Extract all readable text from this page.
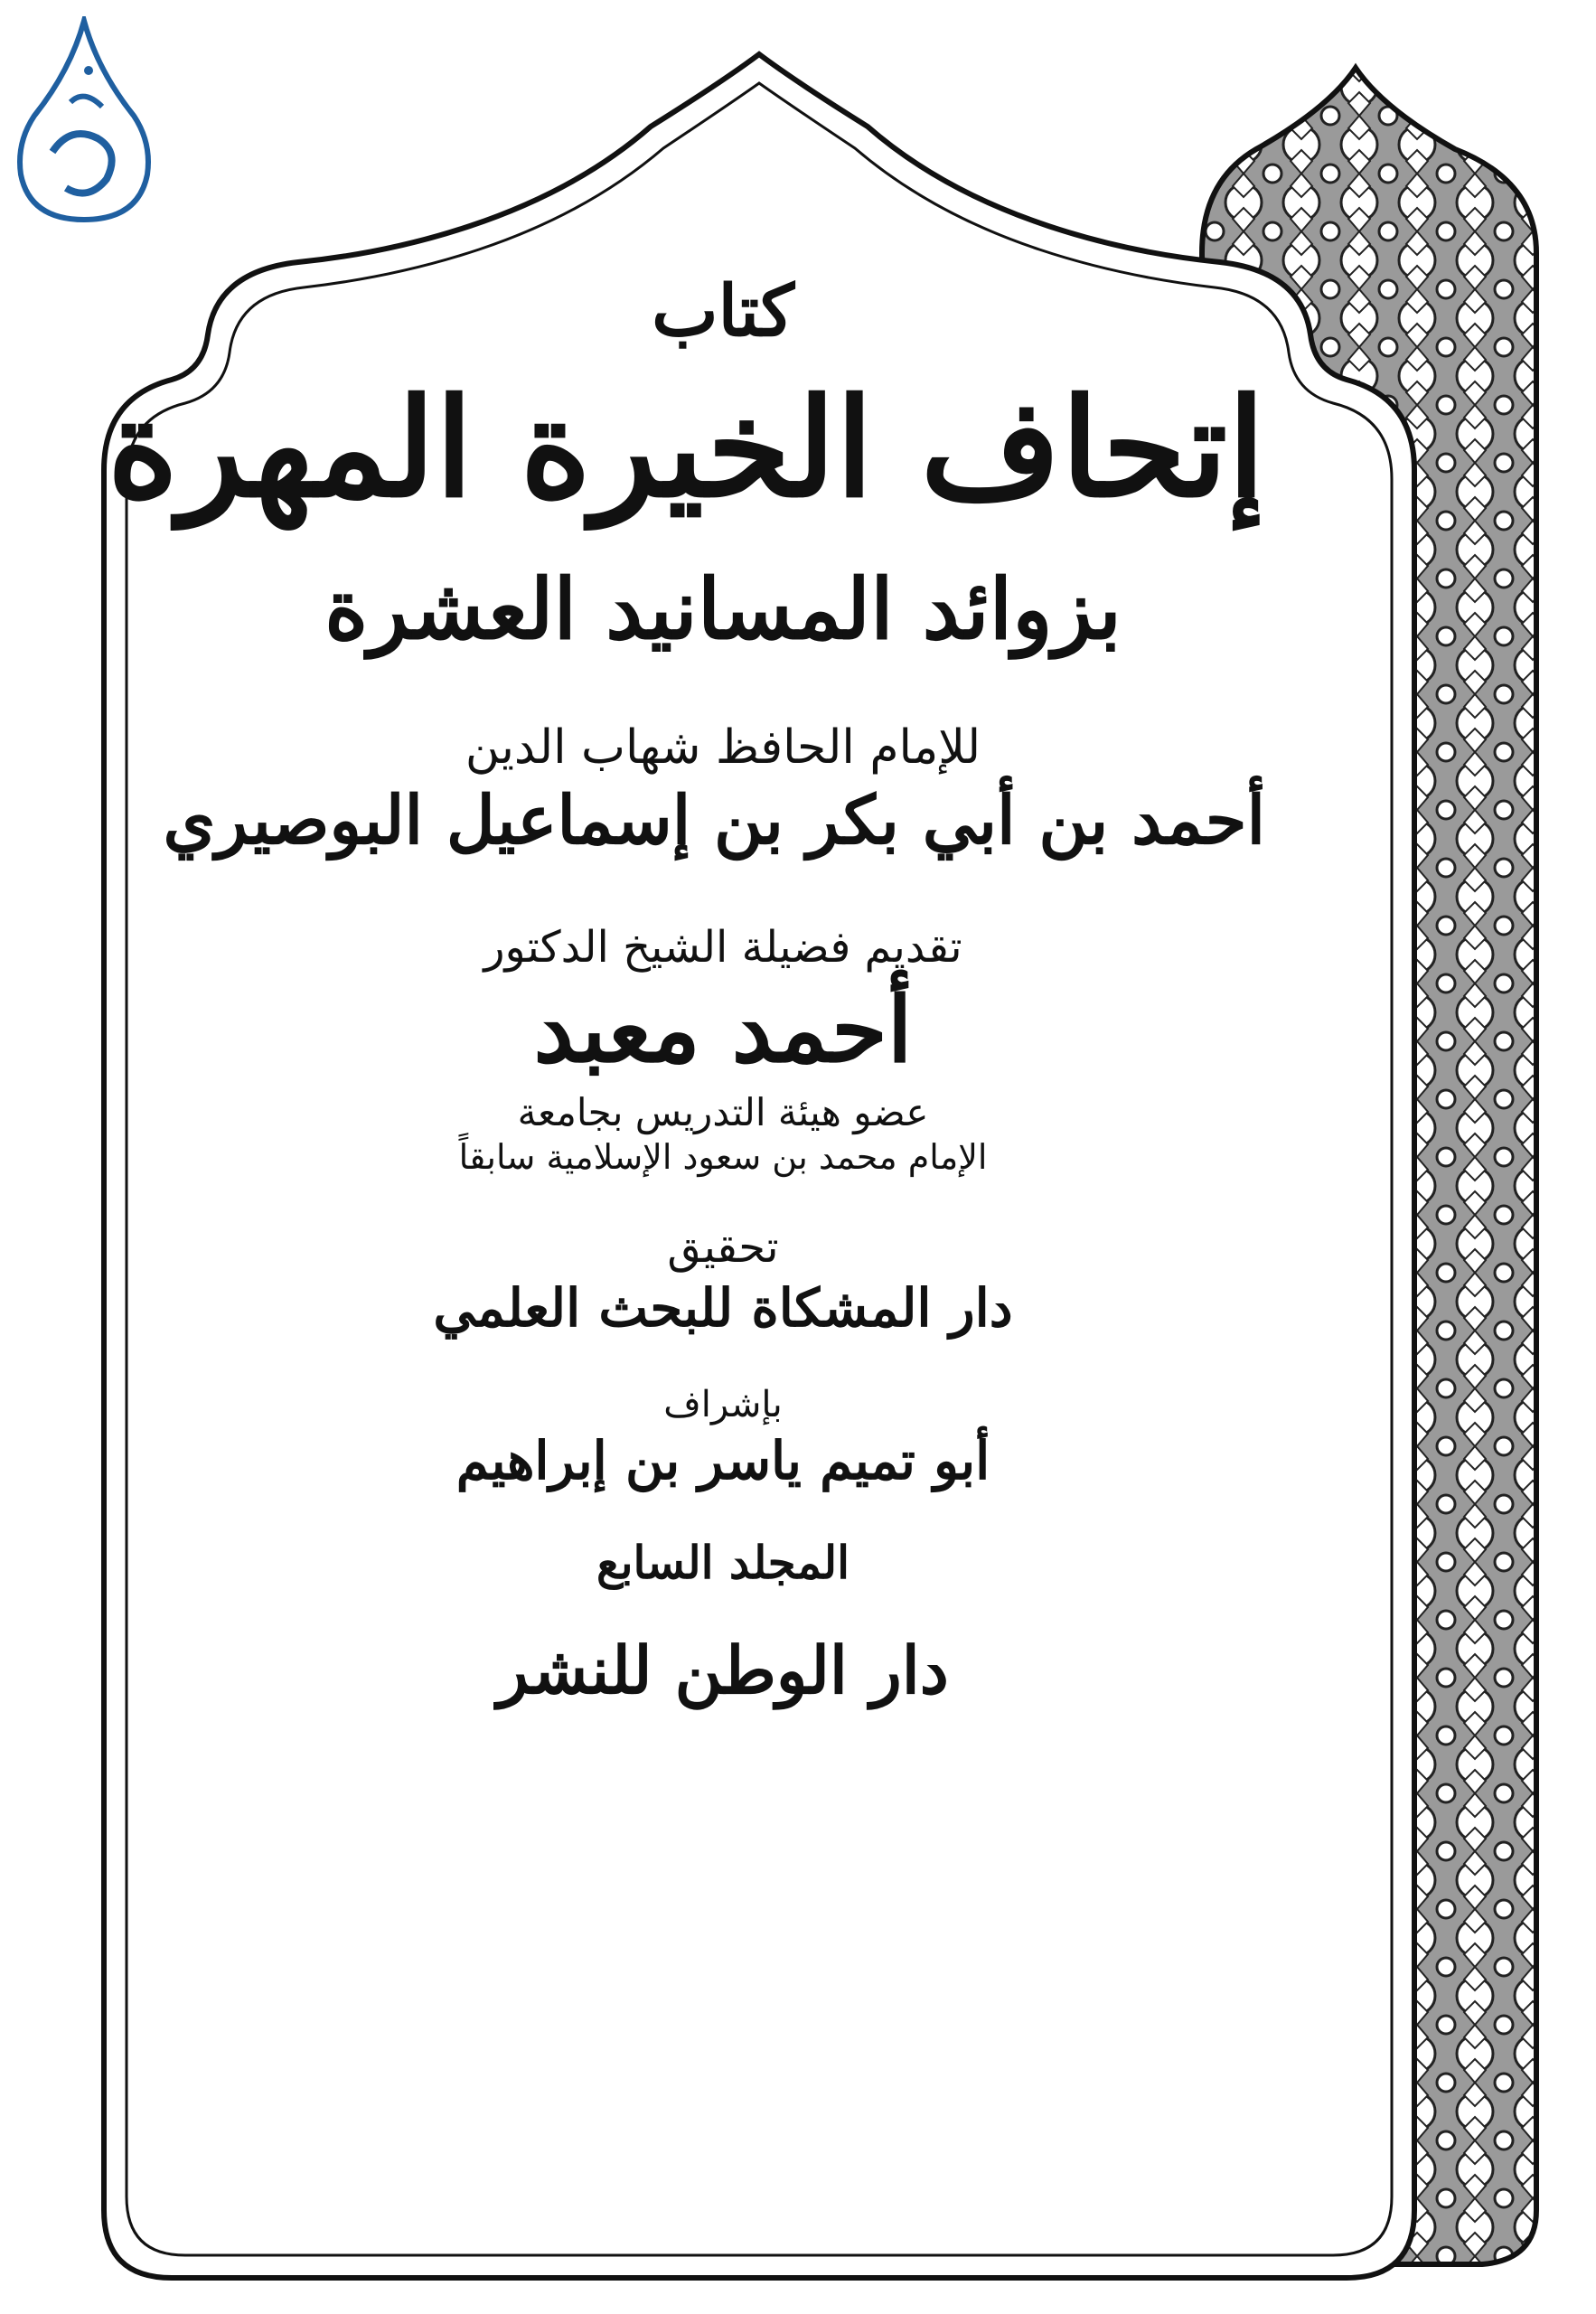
كتاب
إتحاف الخيرة المهرة
بزوائد المسانيد العشرة
للإمام الحافظ شهاب الدين
أحمد بن أبي بكر بن إسماعيل البوصيري
تقديم فضيلة الشيخ الدكتور
أحمد معبد
عضو هيئة التدريس بجامعة
الإمام محمد بن سعود الإسلامية سابقاً
تحقيق
دار المشكاة للبحث العلمي
بإشراف
أبو تميم ياسر بن إبراهيم
المجلد السابع
دار الوطن للنشر
